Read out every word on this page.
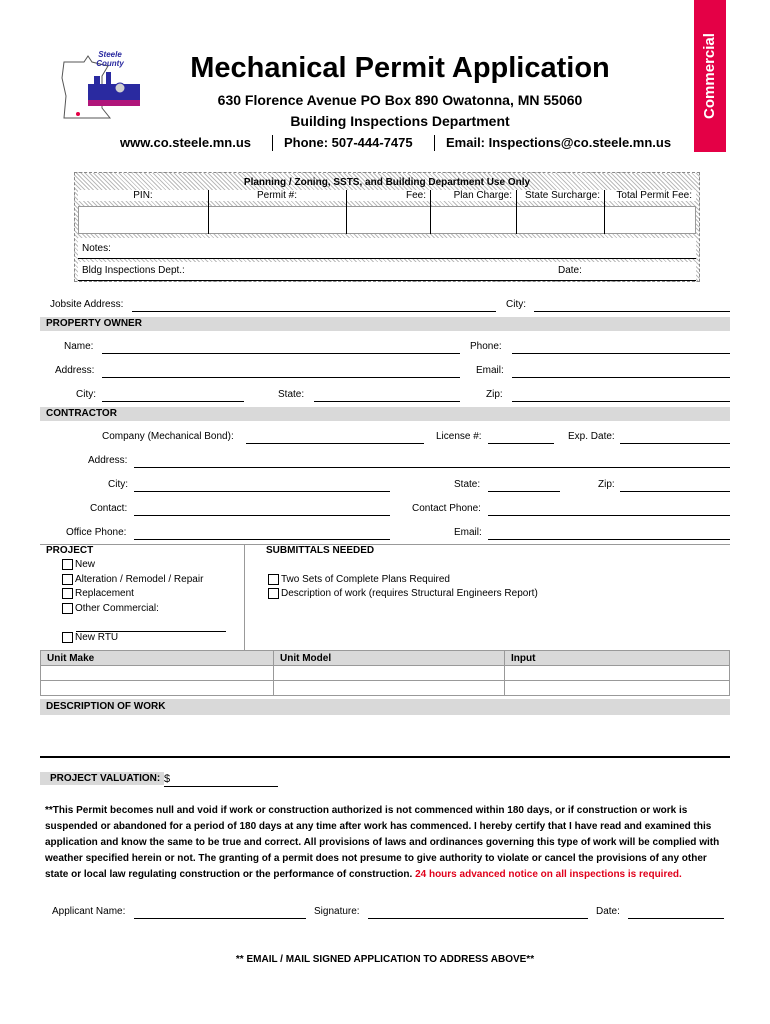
Steele County	Mechanical Permit Application
630 Florence Avenue PO Box 890 Owatonna, MN 55060
Building Inspections Department
www.co.steele.mn.us	Phone: 507-444-7475	Email: Inspections@co.steele.mn.us
Commercial
Planning / Zoning, SSTS, and Building Department Use Only
PIN:	Permit #:	Fee:	Plan Charge:	State Surcharge:	Total Permit Fee:
Notes:
Bldg Inspections Dept.:	Date:
Jobsite Address:	City:
PROPERTY OWNER
Name:	Phone:
Address:	Email:
City:	State:	Zip:
CONTRACTOR
Company (Mechanical Bond):	License #:	Exp. Date:
Address:
City:	State:	Zip:
Contact:	Contact Phone:
Office Phone:	Email:
PROJECT
New
Alteration / Remodel / Repair
Replacement
Other Commercial:
New RTU
SUBMITTALS NEEDED
Two Sets of Complete Plans Required
Description of work (requires Structural Engineers Report)
Unit Make	Unit Model	Input

DESCRIPTION OF WORK
PROJECT VALUATION: $
**This Permit becomes null and void if work or construction authorized is not commenced within 180 days, or if construction or work is suspended or abandoned for a period of 180 days at any time after work has commenced. I hereby certify that I have read and examined this application and know the same to be true and correct. All provisions of laws and ordinances governing this type of work will be complied with weather specified herein or not. The granting of a permit does not presume to give authority to violate or cancel the provisions of any other state or local law regulating construction or the performance of construction. 24 hours advanced notice on all inspections is required.
Applicant Name:	Signature:	Date:
** EMAIL / MAIL SIGNED APPLICATION TO ADDRESS ABOVE**
